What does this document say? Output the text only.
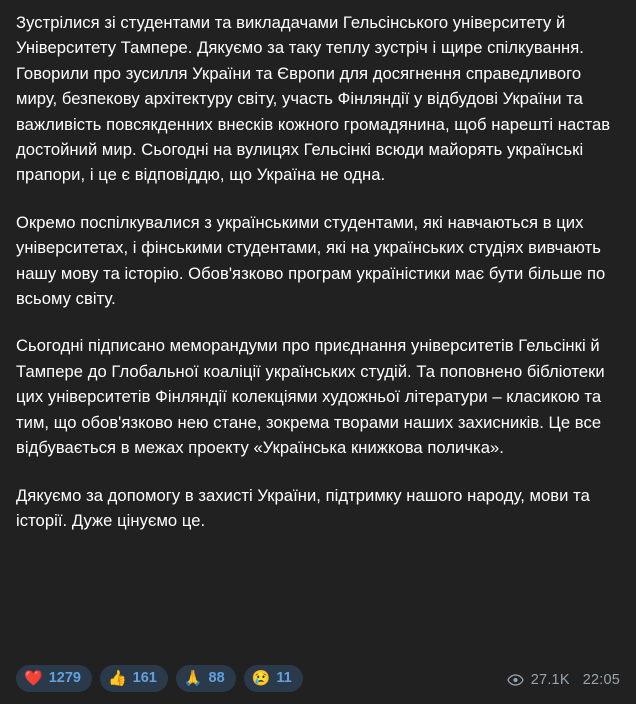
Зустрілися зі студентами та викладачами Гельсінського університету й Університету Тампере. Дякуємо за таку теплу зустріч і щире спілкування. Говорили про зусилля України та Європи для досягнення справедливого миру, безпекову архітектуру світу, участь Фінляндії у відбудові України та важливість повсякденних внесків кожного громадянина, щоб нарешті настав достойний мир. Сьогодні на вулицях Гельсінкі всюди майорять українські прапори, і це є відповіддю, що Україна не одна.

Окремо поспілкувалися з українськими студентами, які навчаються в цих університетах, і фінськими студентами, які на українських студіях вивчають нашу мову та історію. Обов'язково програм україністики має бути більше по всьому світу.

Сьогодні підписано меморандуми про приєднання університетів Гельсінкі й Тампере до Глобальної коаліції українських студій. Та поповнено бібліотеки цих університетів Фінляндії колекціями художньої літератури – класикою та тим, що обов'язково нею стане, зокрема творами наших захисників. Це все відбувається в межах проекту «Українська книжкова поличка».

Дякуємо за допомогу в захисті України, підтримку нашого народу, мови та історії. Дуже цінуємо це.

❤️ 1279 👍 161 🙏 88 😢 11	27.1K 22:05
